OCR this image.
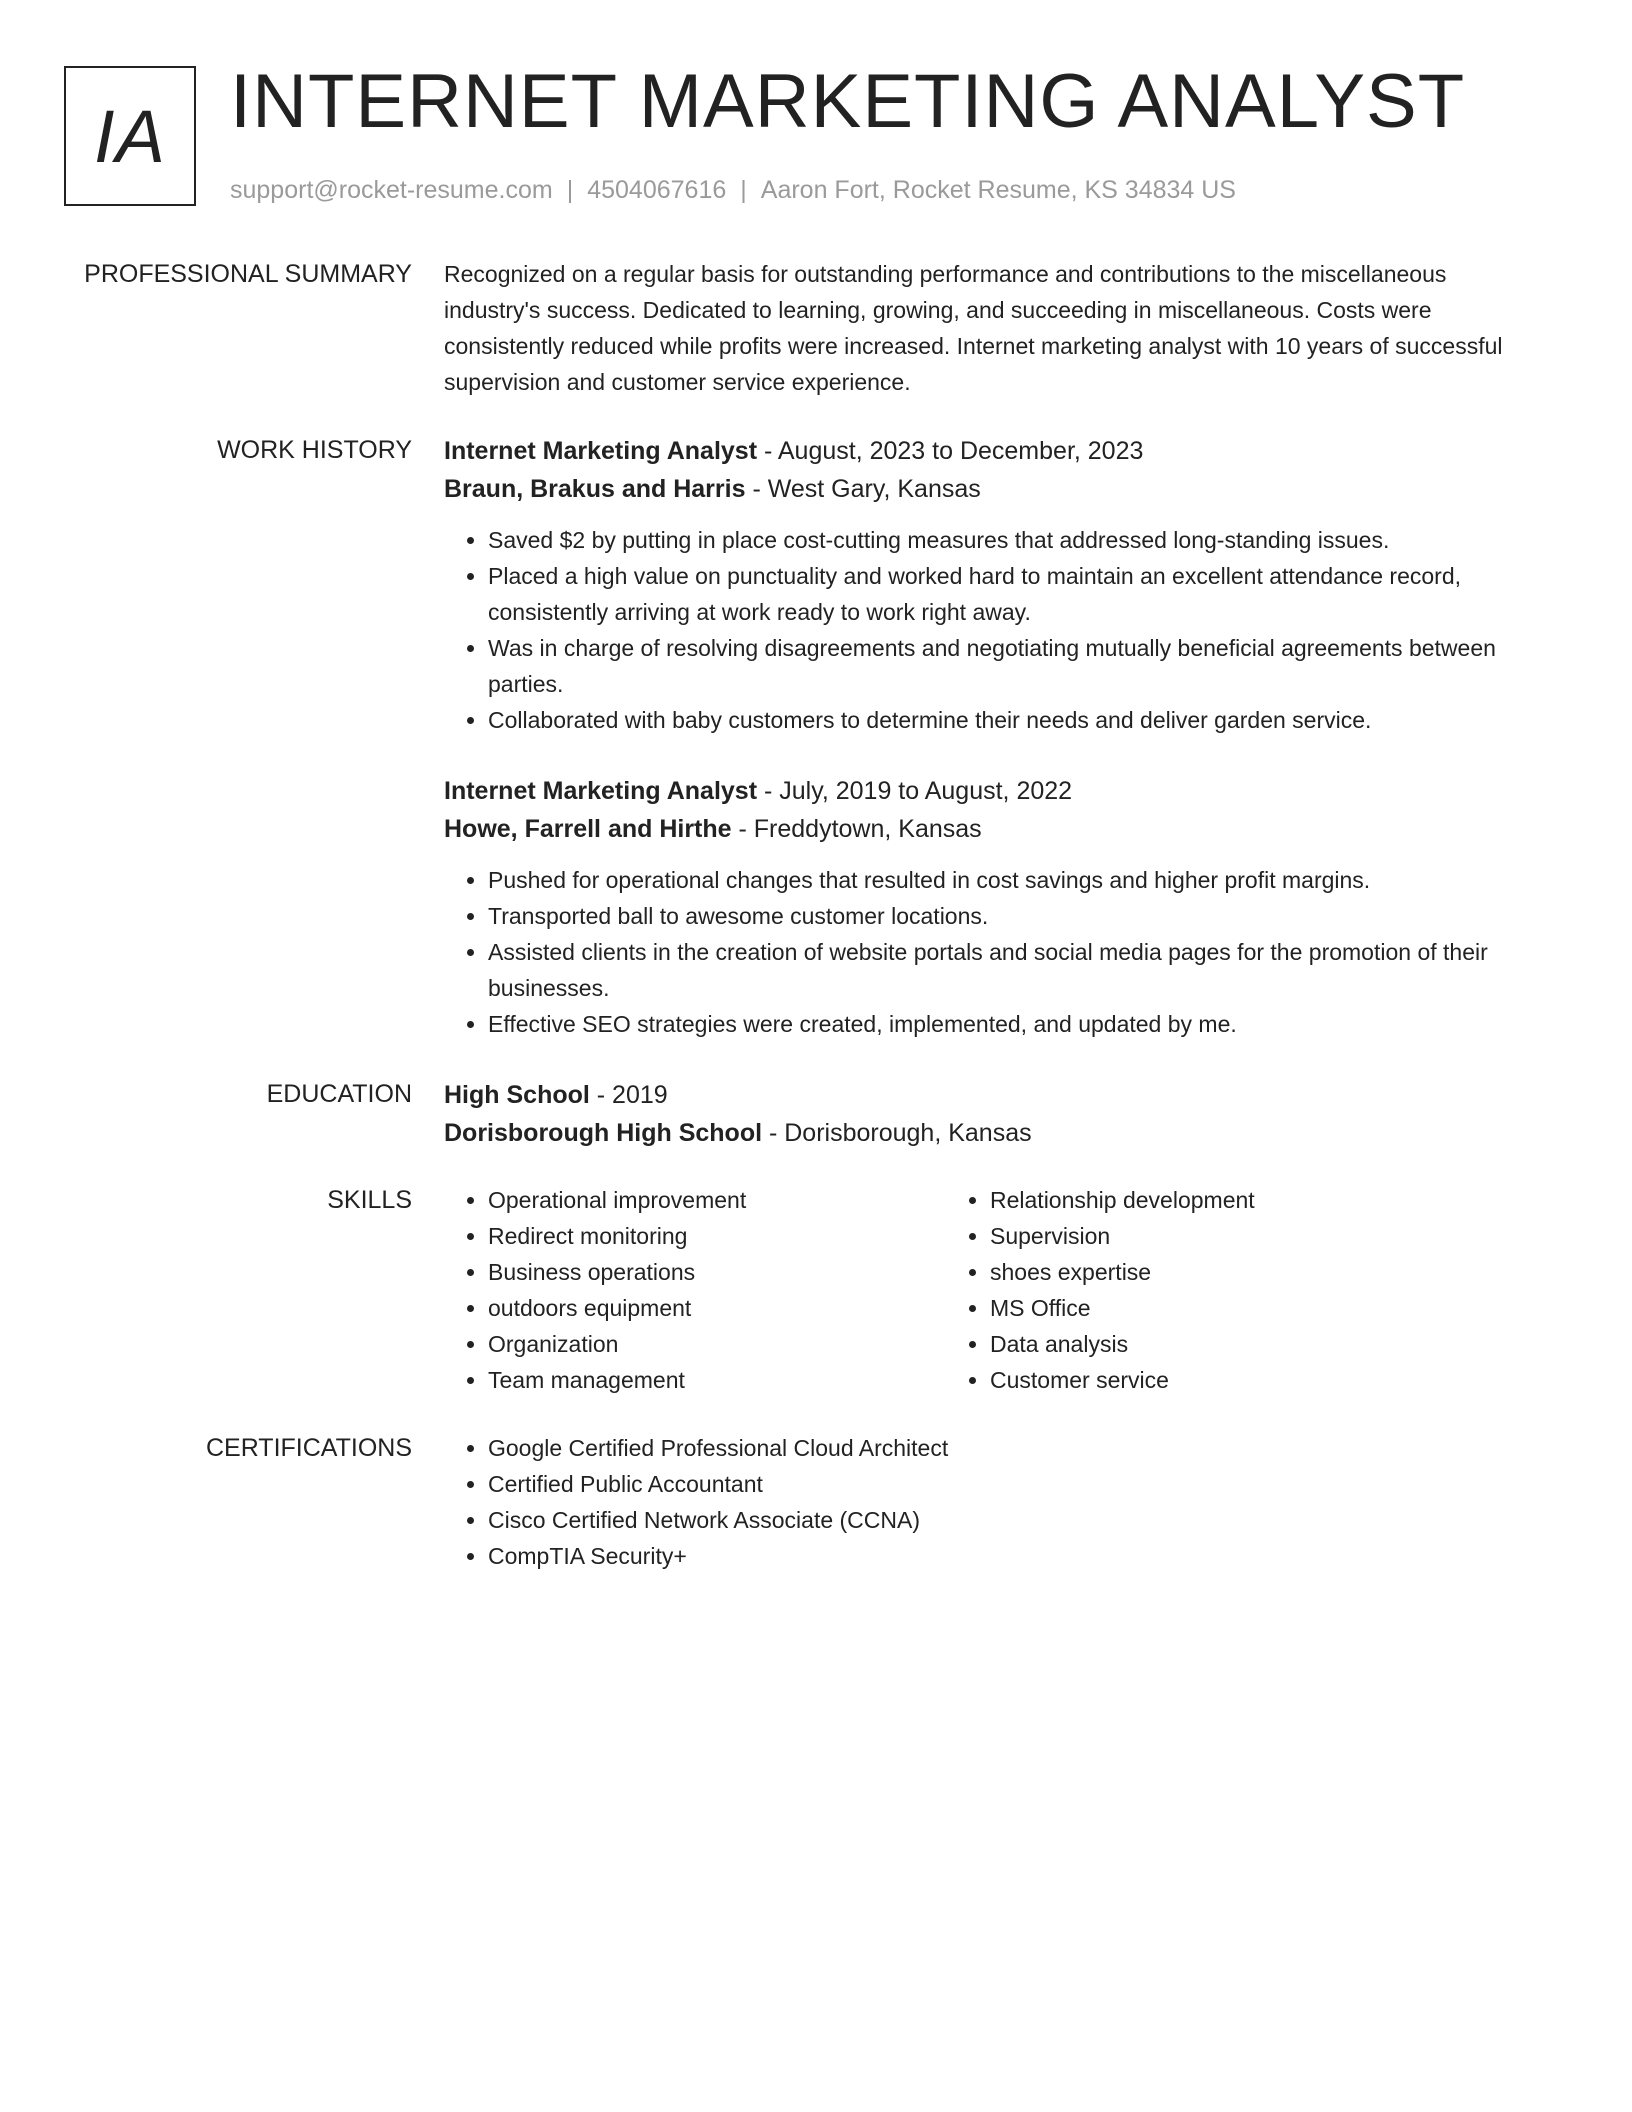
IA INTERNET MARKETING ANALYST
support@rocket-resume.com | 4504067616 | Aaron Fort, Rocket Resume, KS 34834 US
PROFESSIONAL SUMMARY Recognized on a regular basis for outstanding performance and contributions to the miscellaneous industry's success. Dedicated to learning, growing, and succeeding in miscellaneous. Costs were consistently reduced while profits were increased. Internet marketing analyst with 10 years of successful supervision and customer service experience.

WORK HISTORY Internet Marketing Analyst - August, 2023 to December, 2023
Braun, Brakus and Harris - West Gary, Kansas
• Saved $2 by putting in place cost-cutting measures that addressed long-standing issues.
• Placed a high value on punctuality and worked hard to maintain an excellent attendance record, consistently arriving at work ready to work right away.
• Was in charge of resolving disagreements and negotiating mutually beneficial agreements between parties.
• Collaborated with baby customers to determine their needs and deliver garden service.
Internet Marketing Analyst - July, 2019 to August, 2022
Howe, Farrell and Hirthe - Freddytown, Kansas
• Pushed for operational changes that resulted in cost savings and higher profit margins.
• Transported ball to awesome customer locations.
• Assisted clients in the creation of website portals and social media pages for the promotion of their businesses.
• Effective SEO strategies were created, implemented, and updated by me.
EDUCATION High School - 2019
Dorisborough High School - Dorisborough, Kansas
SKILLS	• Operational improvement
• Redirect monitoring
• Business operations
• outdoors equipment
• Organization
• Team management
• Relationship development
• Supervision
• shoes expertise
• MS Office
• Data analysis
• Customer service
CERTIFICATIONS	• Google Certified Professional Cloud Architect
• Certified Public Accountant
• Cisco Certified Network Associate (CCNA)
• CompTIA Security+
